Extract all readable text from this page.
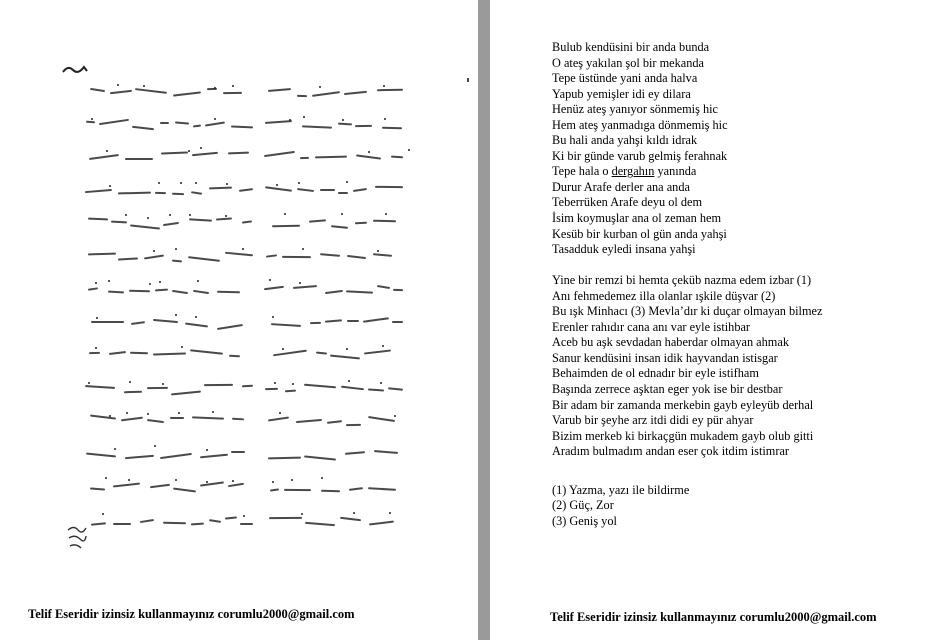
Telif Eseridir izinsiz kullanmayınız corumlu2000@gmail.com
Bulub kendüsini bir anda bunda
O ateş yakılan şol bir mekanda
Tepe üstünde yani anda halva
Yapub yemişler idi ey dilara
Henüz ateş yanıyor sönmemiş hic
Hem ateş yanmadıga dönmemiş hic
Bu hali anda yahşi kıldı idrak
Ki bir günde varub gelmiş ferahnak
Tepe hala o dergahın yanında
Durur Arafe derler ana anda
Teberrüken Arafe deyu ol dem
İsim koymuşlar ana ol zeman hem
Kesüb bir kurban ol gün anda yahşi
Tasadduk eyledi insana yahşi
Yine bir remzi bi hemta çeküb nazma edem izbar (1)
Anı fehmedemez illa olanlar ışkile düşvar (2)
Bu ışk Minhacı (3) Mevla’dır ki duçar olmayan bilmez
Erenler rahıdır cana anı var eyle istihbar
Aceb bu aşk sevdadan haberdar olmayan ahmak
Sanur kendüsini insan idik hayvandan istisgar
Behaimden de ol ednadır bir eyle istifham
Başında zerrece aşktan eger yok ise bir destbar
Bir adam bir zamanda merkebin gayb eyleyüb derhal
Varub bir şeyhe arz itdi didi ey pür ahyar
Bizim merkeb ki birkaçgün mukadem gayb olub gitti
Aradım bulmadım andan eser çok itdim istimrar
(1) Yazma, yazı ile bildirme
(2) Güç, Zor
(3) Geniş yol
Telif Eseridir izinsiz kullanmayınız corumlu2000@gmail.com
